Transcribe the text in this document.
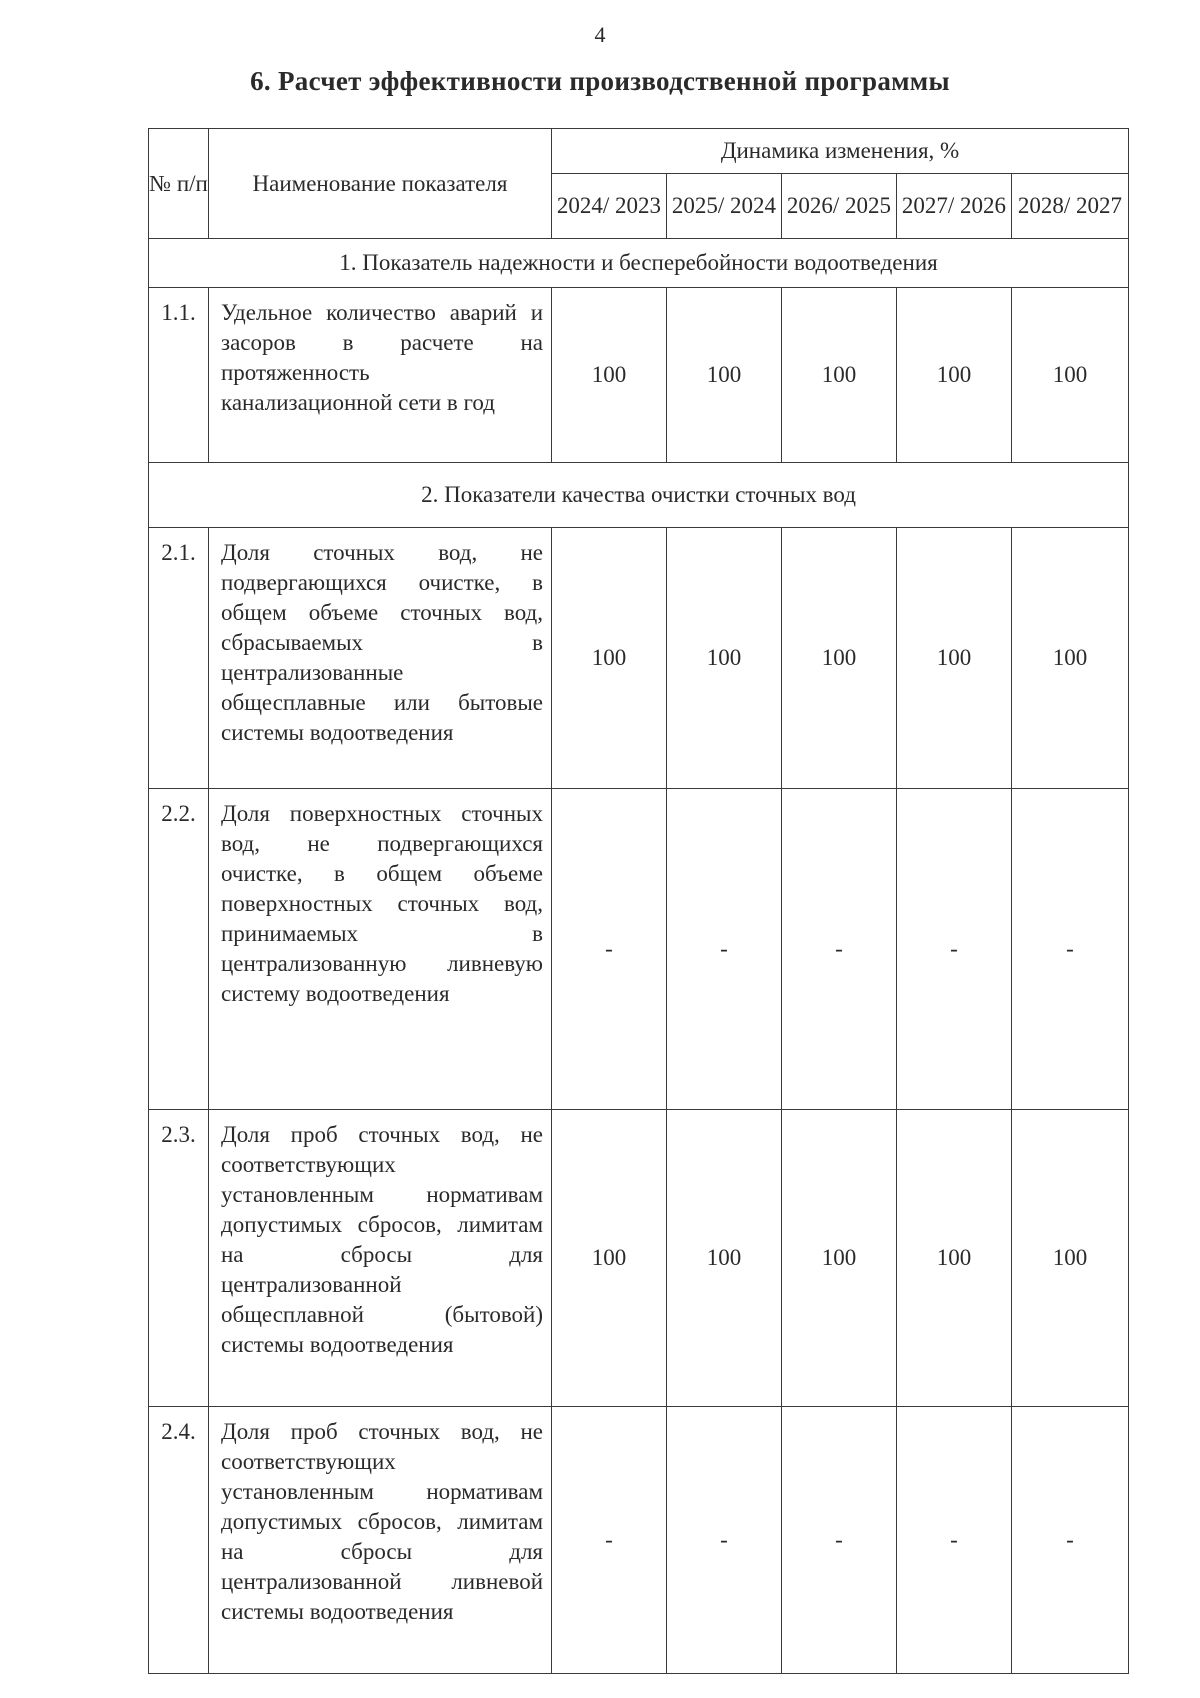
4
6. Расчет эффективности производственной программы
№ п/п	Наименование показателя	Динамика изменения, %				
		2024/ 2023	2025/ 2024	2026/ 2025	2027/ 2026	2028/ 2027
1. Показатель надежности и бесперебойности водоотведения						
1.1.	Удельное количество аварий и засоров в расчете на протяженность канализационной сети в год	100	100	100	100	100
2. Показатели качества очистки сточных вод						
2.1.	Доля сточных вод, не подвергающихся очистке, в общем объеме сточных вод, сбрасываемых в централизованные общесплавные или бытовые системы водоотведения	100	100	100	100	100
2.2.	Доля поверхностных сточных вод, не подвергающихся очистке, в общем объеме поверхностных сточных вод, принимаемых в централизованную ливневую систему водоотведения	-	-	-	-	-
2.3.	Доля проб сточных вод, не соответствующих установленным нормативам допустимых сбросов, лимитам на сбросы для централизованной общесплавной (бытовой) системы водоотведения	100	100	100	100	100
2.4.	Доля проб сточных вод, не соответствующих установленным нормативам допустимых сбросов, лимитам на сбросы для централизованной ливневой системы водоотведения	-	-	-	-	-
